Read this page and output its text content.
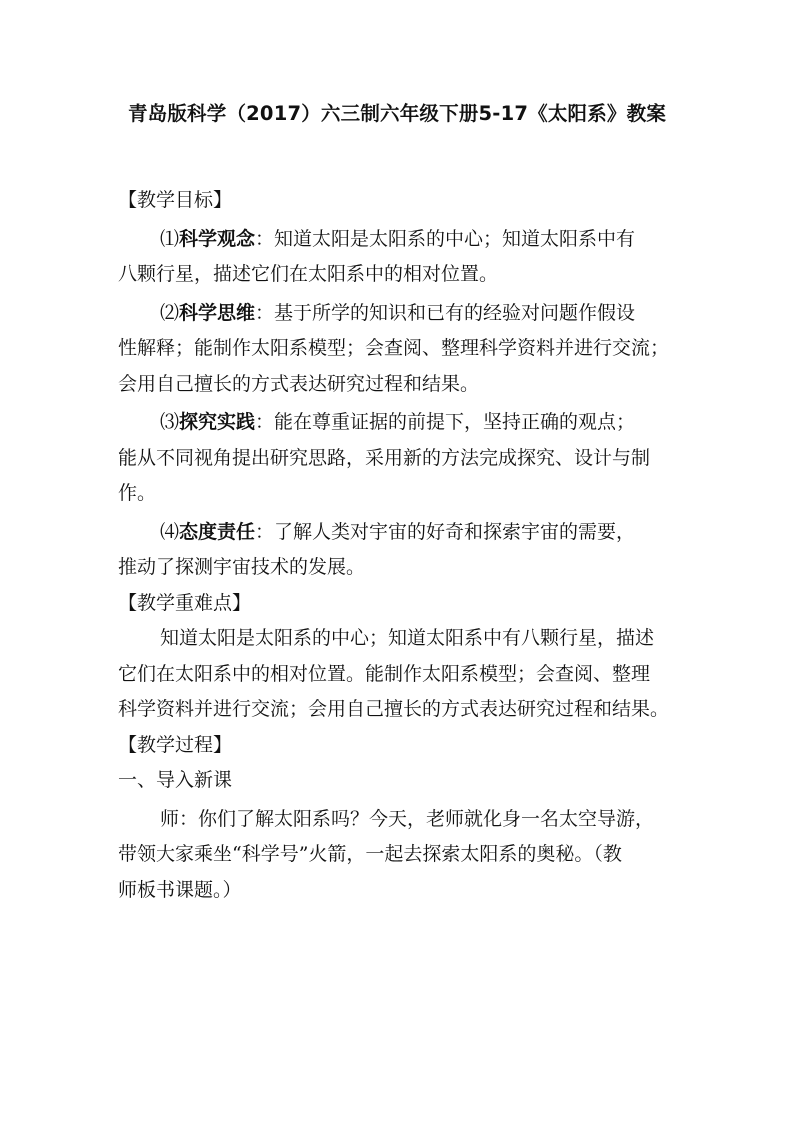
青岛版科学（2017）六三制六年级下册5-17《太阳系》教案
【教学目标】
⑴科学观念：知道太阳是太阳系的中心；知道太阳系中有
八颗行星，描述它们在太阳系中的相对位置。
⑵科学思维：基于所学的知识和已有的经验对问题作假设
性解释；能制作太阳系模型；会查阅、整理科学资料并进行交流；
会用自己擅长的方式表达研究过程和结果。
⑶探究实践：能在尊重证据的前提下，坚持正确的观点；
能从不同视角提出研究思路，采用新的方法完成探究、设计与制
作。
⑷态度责任：了解人类对宇宙的好奇和探索宇宙的需要，
推动了探测宇宙技术的发展。
【教学重难点】
知道太阳是太阳系的中心；知道太阳系中有八颗行星，描述
它们在太阳系中的相对位置。能制作太阳系模型；会查阅、整理
科学资料并进行交流；会用自己擅长的方式表达研究过程和结果。
【教学过程】
一、导入新课
师：你们了解太阳系吗？今天，老师就化身一名太空导游，
带领大家乘坐“科学号”火箭，一起去探索太阳系的奥秘。（教
师板书课题。）
